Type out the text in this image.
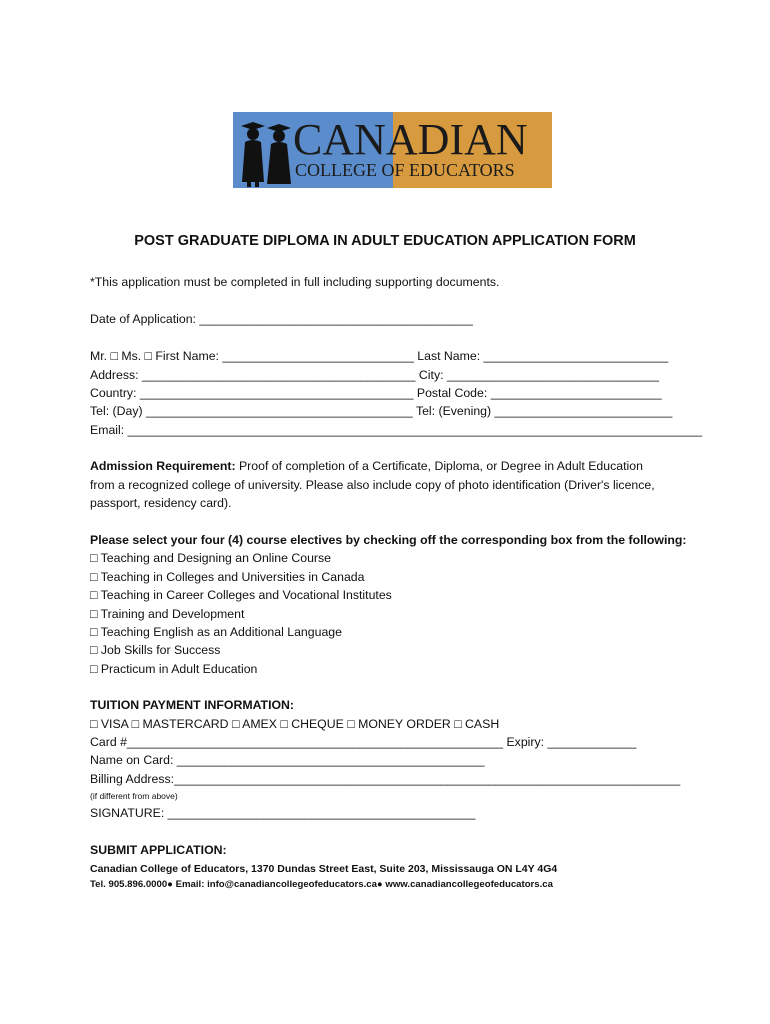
CANADIAN
COLLEGE OF EDUCATORS
POST GRADUATE DIPLOMA IN ADULT EDUCATION APPLICATION FORM
*This application must be completed in full including supporting documents.
Date of Application: ________________________________________
Mr. □ Ms. □ First Name: ____________________________ Last Name: ___________________________
Address: ________________________________________ City: _______________________________
Country: ________________________________________ Postal Code: _________________________
Tel: (Day) _______________________________________ Tel: (Evening) __________________________
Email: ____________________________________________________________________________________
Admission Requirement: Proof of completion of a Certificate, Diploma, or Degree in Adult Education
from a recognized college of university. Please also include copy of photo identification (Driver's licence,
passport, residency card).
Please select your four (4) course electives by checking off the corresponding box from the following:
□ Teaching and Designing an Online Course
□ Teaching in Colleges and Universities in Canada
□ Teaching in Career Colleges and Vocational Institutes
□ Training and Development
□ Teaching English as an Additional Language
□ Job Skills for Success
□ Practicum in Adult Education
TUITION PAYMENT INFORMATION:
□ VISA □ MASTERCARD □ AMEX □ CHEQUE □ MONEY ORDER □ CASH
Card #_______________________________________________________ Expiry: _____________
Name on Card: _____________________________________________
Billing Address:__________________________________________________________________________
(if different from above)
SIGNATURE: _____________________________________________
SUBMIT APPLICATION:
Canadian College of Educators, 1370 Dundas Street East, Suite 203, Mississauga ON L4Y 4G4
Tel. 905.896.0000● Email: info@canadiancollegeofeducators.ca● www.canadiancollegeofeducators.ca
